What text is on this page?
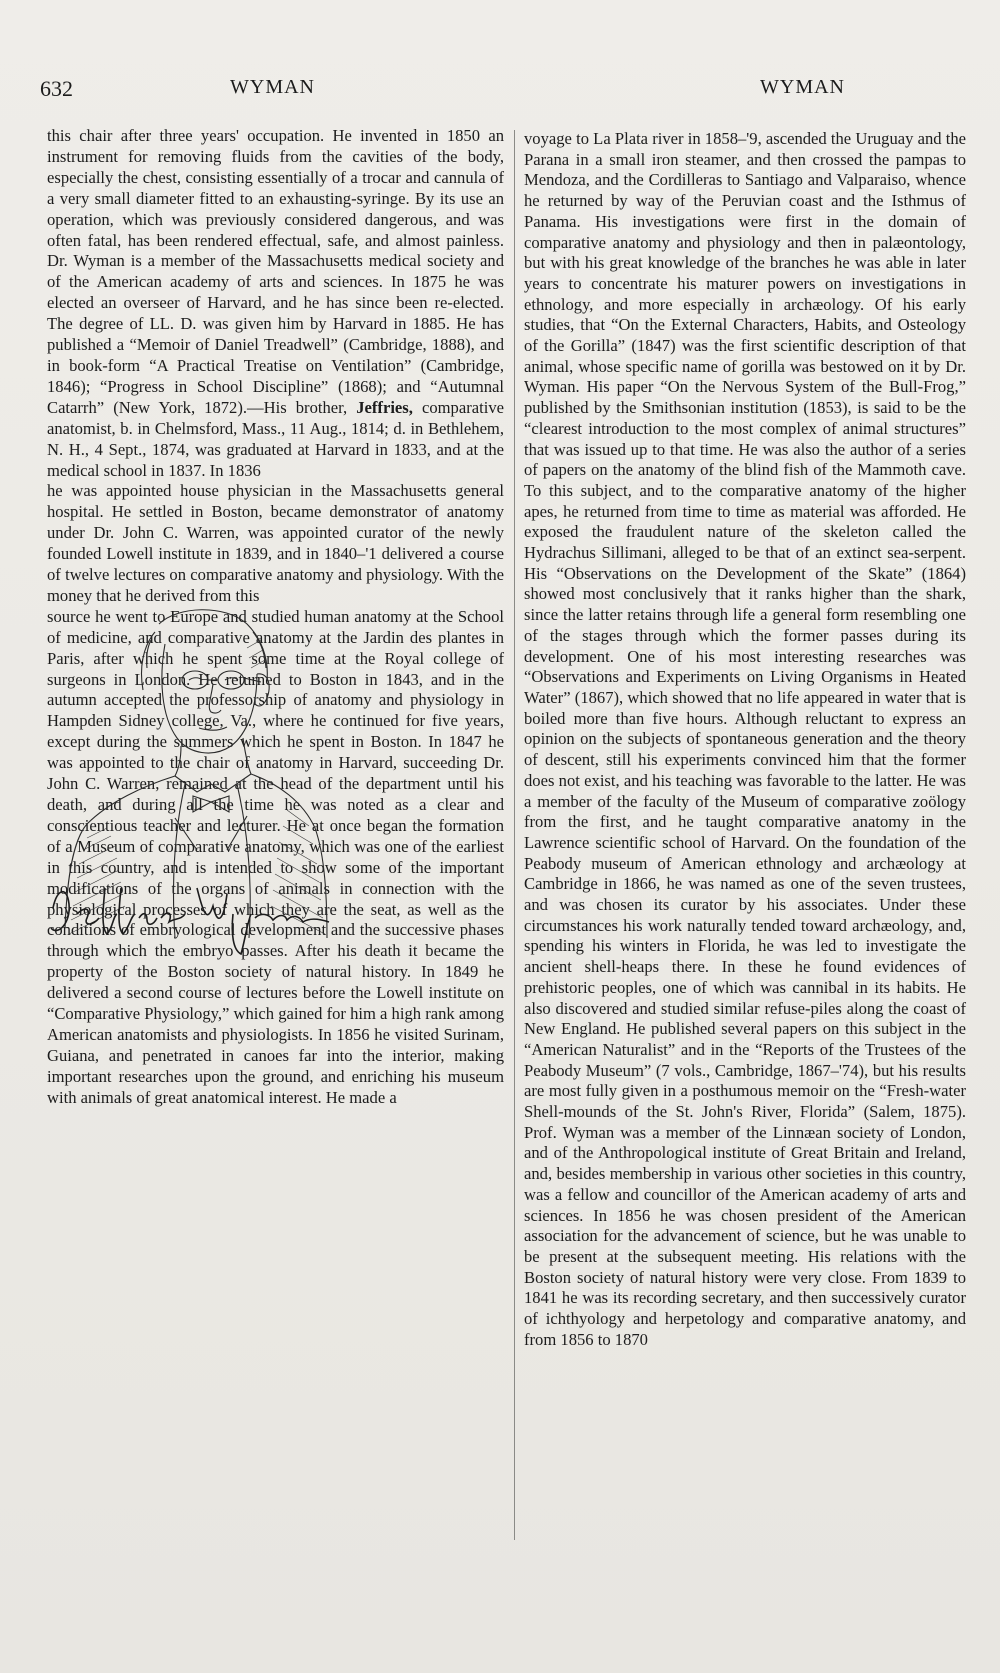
632	WYMAN	WYMAN

this chair after three years' occupation. He invented in 1850 an instrument for removing fluids from the cavities of the body, especially the chest, consisting essentially of a trocar and cannula of a very small diameter fitted to an exhausting-syringe. By its use an operation, which was previously considered dangerous, and was often fatal, has been rendered effectual, safe, and almost painless. Dr. Wyman is a member of the Massachusetts medical society and of the American academy of arts and sciences. In 1875 he was elected an overseer of Harvard, and he has since been re-elected. The degree of LL. D. was given him by Harvard in 1885. He has published a “Memoir of Daniel Treadwell” (Cambridge, 1888), and in book-form “A Practical Treatise on Ventilation” (Cambridge, 1846); “Progress in School Discipline” (1868); and “Autumnal Catarrh” (New York, 1872).—His brother, Jeffries, comparative anatomist, b. in Chelmsford, Mass., 11 Aug., 1814; d. in Bethlehem, N. H., 4 Sept., 1874, was graduated at Harvard in 1833, and at the medical school in 1837. In 1836

he was appointed house physician in the Massachusetts general hospital. He settled in Boston, became demonstrator of anatomy under Dr. John C. Warren, was appointed curator of the newly founded Lowell institute in 1839, and in 1840–'1 delivered a course of twelve lectures on comparative anatomy and physiology. With the money that he derived from this

source he went to Europe and studied human anatomy at the School of medicine, and comparative anatomy at the Jardin des plantes in Paris, after which he spent some time at the Royal college of surgeons in London. He returned to Boston in 1843, and in the autumn accepted the professorship of anatomy and physiology in Hampden Sidney college, Va., where he continued for five years, except during the summers which he spent in Boston. In 1847 he was appointed to the chair of anatomy in Harvard, succeeding Dr. John C. Warren, remained at the head of the department until his death, and during all the time he was noted as a clear and conscientious teacher and lecturer. He at once began the formation of a Museum of comparative anatomy, which was one of the earliest in this country, and is intended to show some of the important modifications of the organs of animals in connection with the physiological processes of which they are the seat, as well as the conditions of embryological development and the successive phases through which the embryo passes. After his death it became the property of the Boston society of natural history. In 1849 he delivered a second course of lectures before the Lowell institute on “Comparative Physiology,” which gained for him a high rank among American anatomists and physiologists. In 1856 he visited Surinam, Guiana, and penetrated in canoes far into the interior, making important researches upon the ground, and enriching his museum with animals of great anatomical interest. He made a

voyage to La Plata river in 1858–'9, ascended the Uruguay and the Parana in a small iron steamer, and then crossed the pampas to Mendoza, and the Cordilleras to Santiago and Valparaiso, whence he returned by way of the Peruvian coast and the Isthmus of Panama. His investigations were first in the domain of comparative anatomy and physiology and then in palæontology, but with his great knowledge of the branches he was able in later years to concentrate his maturer powers on investigations in ethnology, and more especially in archæology. Of his early studies, that “On the External Characters, Habits, and Osteology of the Gorilla” (1847) was the first scientific description of that animal, whose specific name of gorilla was bestowed on it by Dr. Wyman. His paper “On the Nervous System of the Bull-Frog,” published by the Smithsonian institution (1853), is said to be the “clearest introduction to the most complex of animal structures” that was issued up to that time. He was also the author of a series of papers on the anatomy of the blind fish of the Mammoth cave. To this subject, and to the comparative anatomy of the higher apes, he returned from time to time as material was afforded. He exposed the fraudulent nature of the skeleton called the Hydrachus Sillimani, alleged to be that of an extinct sea-serpent. His “Observations on the Development of the Skate” (1864) showed most conclusively that it ranks higher than the shark, since the latter retains through life a general form resembling one of the stages through which the former passes during its development. One of his most interesting researches was “Observations and Experiments on Living Organisms in Heated Water” (1867), which showed that no life appeared in water that is boiled more than five hours. Although reluctant to express an opinion on the subjects of spontaneous generation and the theory of descent, still his experiments convinced him that the former does not exist, and his teaching was favorable to the latter. He was a member of the faculty of the Museum of comparative zoölogy from the first, and he taught comparative anatomy in the Lawrence scientific school of Harvard. On the foundation of the Peabody museum of American ethnology and archæology at Cambridge in 1866, he was named as one of the seven trustees, and was chosen its curator by his associates. Under these circumstances his work naturally tended toward archæology, and, spending his winters in Florida, he was led to investigate the ancient shell-heaps there. In these he found evidences of prehistoric peoples, one of which was cannibal in its habits. He also discovered and studied similar refuse-piles along the coast of New England. He published several papers on this subject in the “American Naturalist” and in the “Reports of the Trustees of the Peabody Museum” (7 vols., Cambridge, 1867–'74), but his results are most fully given in a posthumous memoir on the “Fresh-water Shell-mounds of the St. John's River, Florida” (Salem, 1875). Prof. Wyman was a member of the Linnæan society of London, and of the Anthropological institute of Great Britain and Ireland, and, besides membership in various other societies in this country, was a fellow and councillor of the American academy of arts and sciences. In 1856 he was chosen president of the American association for the advancement of science, but he was unable to be present at the subsequent meeting. His relations with the Boston society of natural history were very close. From 1839 to 1841 he was its recording secretary, and then successively curator of ichthyology and herpetology and comparative anatomy, and from 1856 to 1870
